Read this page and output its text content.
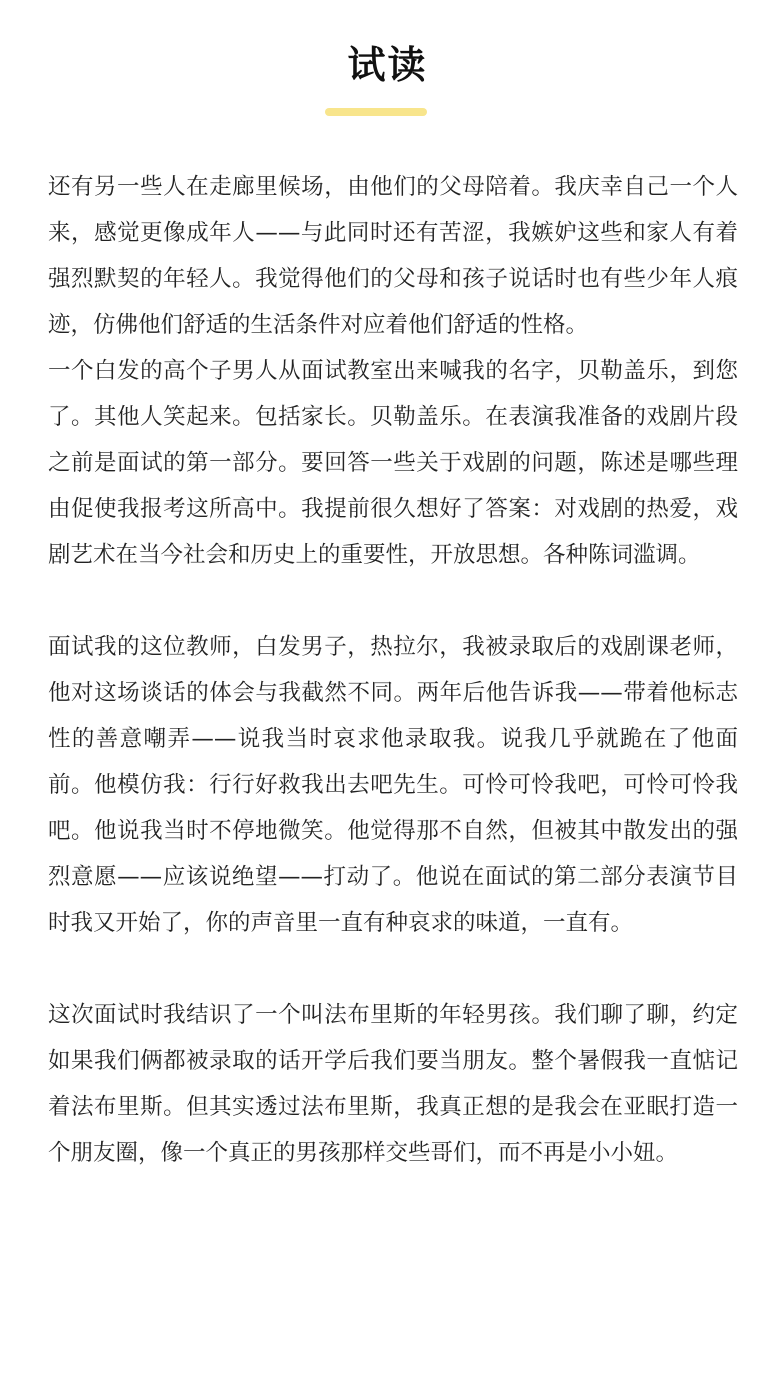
试读

还有另一些人在走廊里候场，由他们的父母陪着。我庆幸自己一个人来，感觉更像成年人——与此同时还有苦涩，我嫉妒这些和家人有着强烈默契的年轻人。我觉得他们的父母和孩子说话时也有些少年人痕迹，仿佛他们舒适的生活条件对应着他们舒适的性格。

一个白发的高个子男人从面试教室出来喊我的名字，贝勒盖乐，到您了。其他人笑起来。包括家长。贝勒盖乐。在表演我准备的戏剧片段之前是面试的第一部分。要回答一些关于戏剧的问题，陈述是哪些理由促使我报考这所高中。我提前很久想好了答案：对戏剧的热爱，戏剧艺术在当今社会和历史上的重要性，开放思想。各种陈词滥调。

面试我的这位教师，白发男子，热拉尔，我被录取后的戏剧课老师，他对这场谈话的体会与我截然不同。两年后他告诉我——带着他标志性的善意嘲弄——说我当时哀求他录取我。说我几乎就跪在了他面前。他模仿我：行行好救我出去吧先生。可怜可怜我吧，可怜可怜我吧。他说我当时不停地微笑。他觉得那不自然，但被其中散发出的强烈意愿——应该说绝望——打动了。他说在面试的第二部分表演节目时我又开始了，你的声音里一直有种哀求的味道，一直有。

这次面试时我结识了一个叫法布里斯的年轻男孩。我们聊了聊，约定如果我们俩都被录取的话开学后我们要当朋友。整个暑假我一直惦记着法布里斯。但其实透过法布里斯，我真正想的是我会在亚眠打造一个朋友圈，像一个真正的男孩那样交些哥们，而不再是小小妞。
